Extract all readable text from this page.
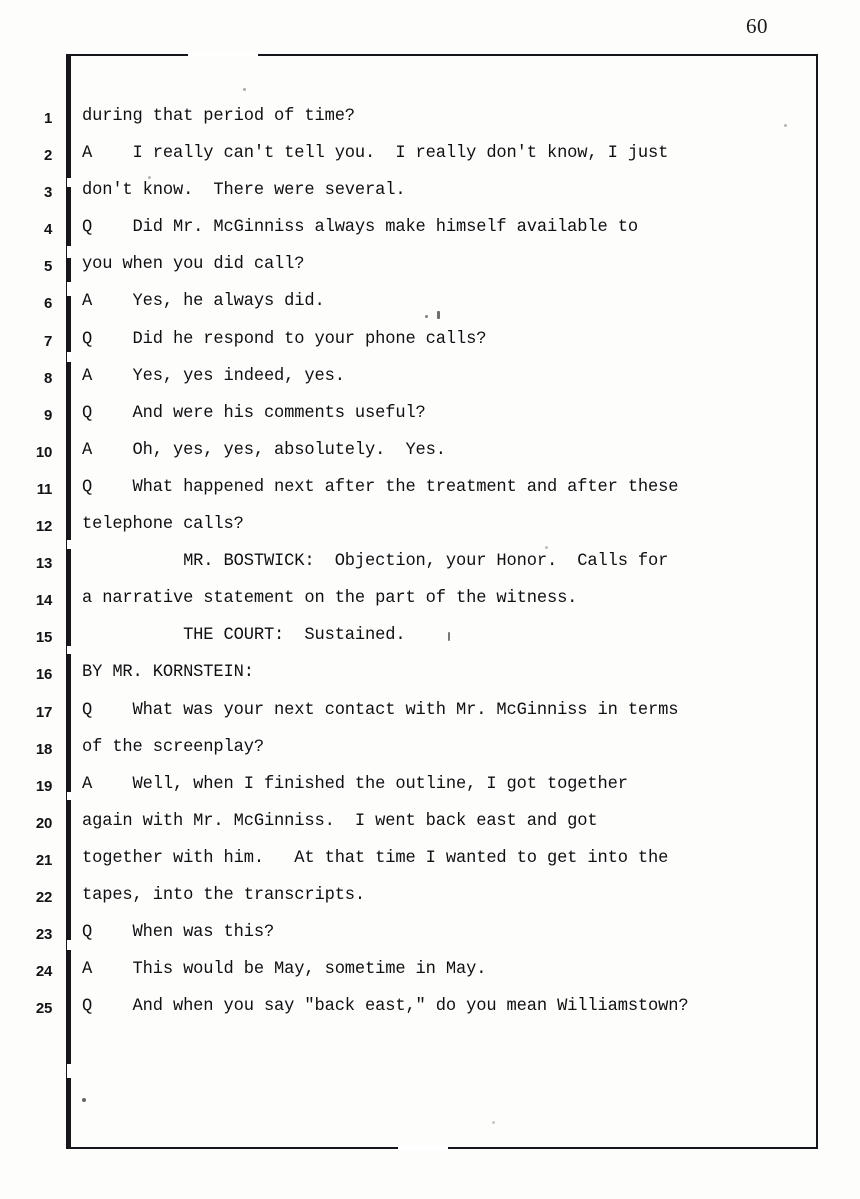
60
1 during that period of time?
2 A    I really can't tell you.  I really don't know, I just
3 don't know.  There were several.
4 Q    Did Mr. McGinniss always make himself available to
5 you when you did call?
6 A    Yes, he always did.
7 Q    Did he respond to your phone calls?
8 A    Yes, yes indeed, yes.
9 Q    And were his comments useful?
10 A    Oh, yes, yes, absolutely.  Yes.
11 Q    What happened next after the treatment and after these
12 telephone calls?
13 MR. BOSTWICK:  Objection, your Honor.  Calls for
14 a narrative statement on the part of the witness.
15 THE COURT:  Sustained.
16 BY MR. KORNSTEIN:
17 Q    What was your next contact with Mr. McGinniss in terms
18 of the screenplay?
19 A    Well, when I finished the outline, I got together
20 again with Mr. McGinniss.  I went back east and got
21 together with him.   At that time I wanted to get into the
22 tapes, into the transcripts.
23 Q    When was this?
24 A    This would be May, sometime in May.
25 Q    And when you say "back east," do you mean Williamstown?
